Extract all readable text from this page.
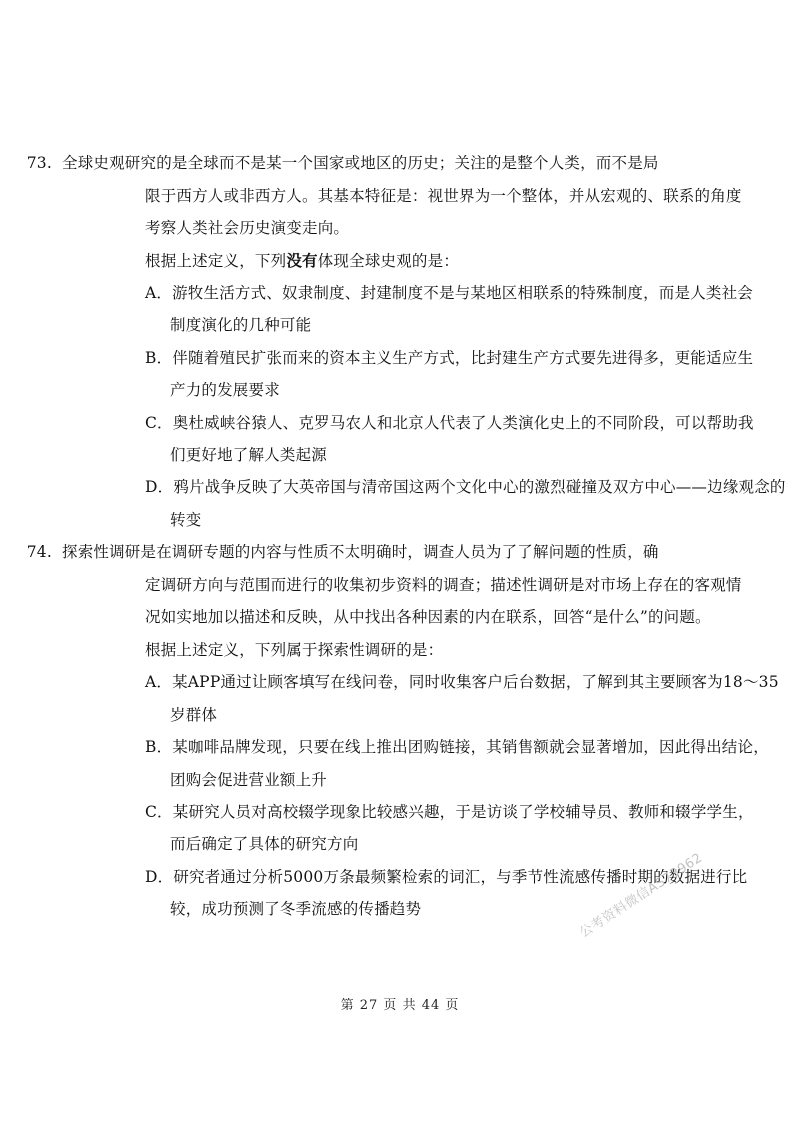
73. 全球史观研究的是全球而不是某一个国家或地区的历史；关注的是整个人类，而不是局
限于西方人或非西方人。其基本特征是：视世界为一个整体，并从宏观的、联系的角度
考察人类社会历史演变走向。
根据上述定义，下列没有体现全球史观的是：
A．游牧生活方式、奴隶制度、封建制度不是与某地区相联系的特殊制度，而是人类社会
制度演化的几种可能
B．伴随着殖民扩张而来的资本主义生产方式，比封建生产方式要先进得多，更能适应生
产力的发展要求
C．奥杜威峡谷猿人、克罗马农人和北京人代表了人类演化史上的不同阶段，可以帮助我
们更好地了解人类起源
D．鸦片战争反映了大英帝国与清帝国这两个文化中心的激烈碰撞及双方中心——边缘观念的
转变
74. 探索性调研是在调研专题的内容与性质不太明确时，调查人员为了了解问题的性质，确
定调研方向与范围而进行的收集初步资料的调查；描述性调研是对市场上存在的客观情
况如实地加以描述和反映，从中找出各种因素的内在联系，回答“是什么”的问题。
根据上述定义，下列属于探索性调研的是：
A．某APP通过让顾客填写在线问卷，同时收集客户后台数据，了解到其主要顾客为18～35
岁群体
B．某咖啡品牌发现，只要在线上推出团购链接，其销售额就会显著增加，因此得出结论，
团购会促进营业额上升
C．某研究人员对高校辍学现象比较感兴趣，于是访谈了学校辅导员、教师和辍学学生，
而后确定了具体的研究方向
D．研究者通过分析5000万条最频繁检索的词汇，与季节性流感传播时期的数据进行比
较，成功预测了冬季流感的传播趋势	公考资料微信AS73962
第 27 页 共 44 页
